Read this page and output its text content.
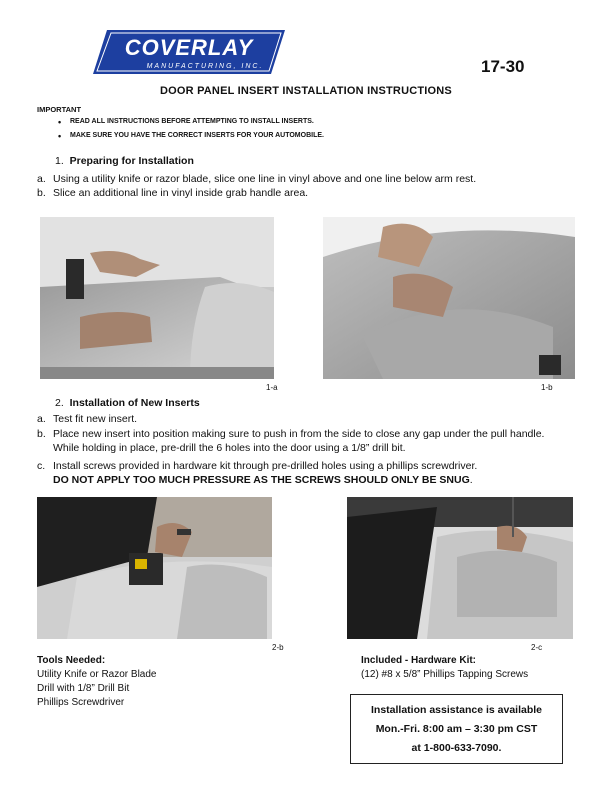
COVERLAY
MANUFACTURING, INC.	17-30
DOOR PANEL INSERT INSTALLATION INSTRUCTIONS
IMPORTANT
• READ ALL INSTRUCTIONS BEFORE ATTEMPTING TO INSTALL INSERTS.
• MAKE SURE YOU HAVE THE CORRECT INSERTS FOR YOUR AUTOMOBILE.
1. Preparing for Installation
a. Using a utility knife or razor blade, slice one line in vinyl above and one line below arm rest.
b. Slice an additional line in vinyl inside grab handle area.
1-a	1-b
2. Installation of New Inserts
a. Test fit new insert.
b. Place new insert into position making sure to push in from the side to close any gap under the pull handle. While holding in place, pre-drill the 6 holes into the door using a 1/8” drill bit.
c. Install screws provided in hardware kit through pre-drilled holes using a phillips screwdriver.
DO NOT APPLY TOO MUCH PRESSURE AS THE SCREWS SHOULD ONLY BE SNUG.
2-b	2-c
Tools Needed:
Utility Knife or Razor Blade
Drill with 1/8” Drill Bit
Phillips Screwdriver
Included - Hardware Kit:
(12) #8 x 5/8” Phillips Tapping Screws
Installation assistance is available
Mon.-Fri. 8:00 am – 3:30 pm CST
at 1-800-633-7090.
